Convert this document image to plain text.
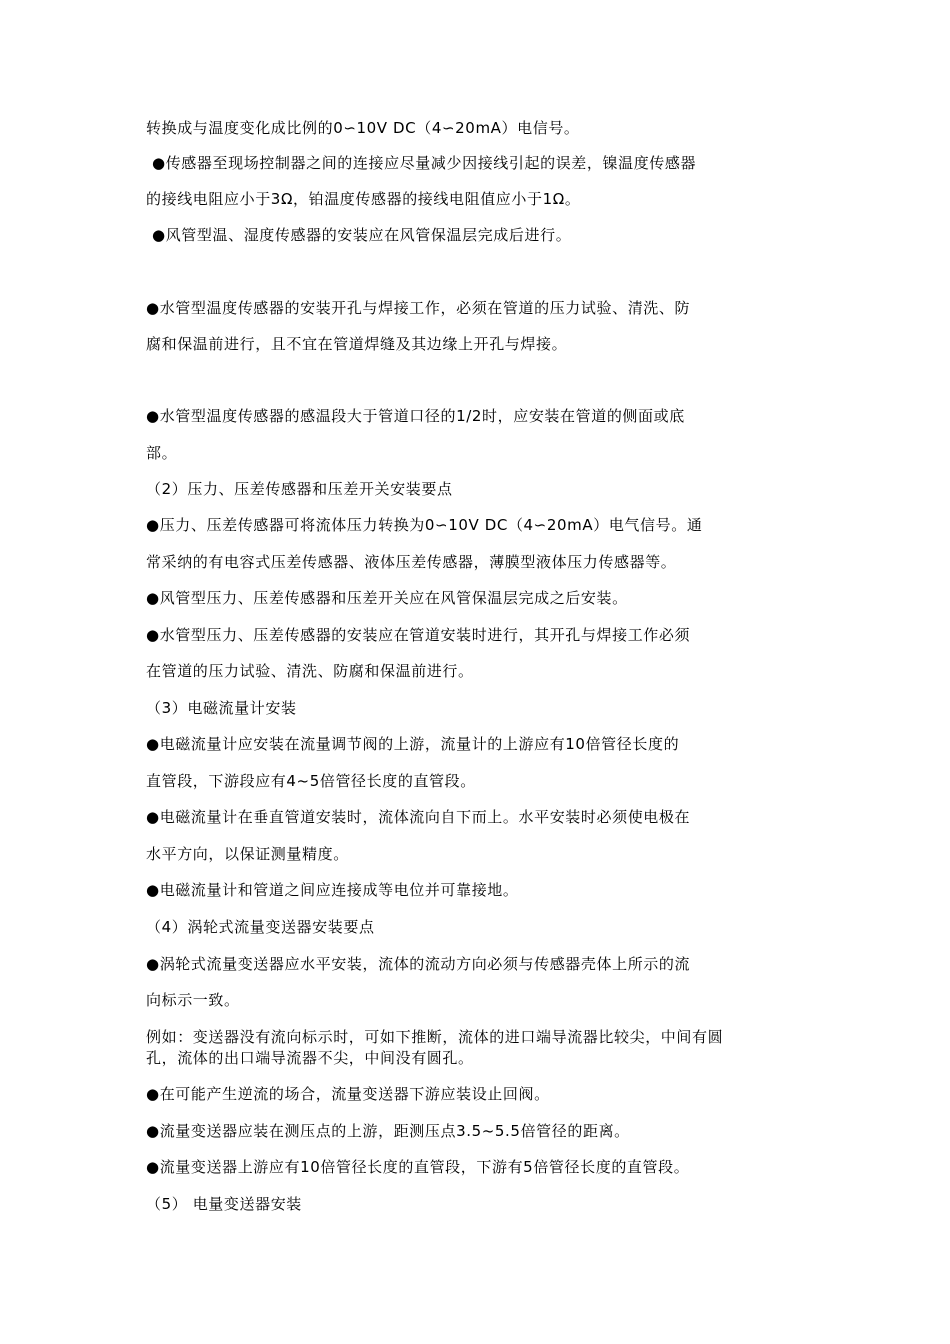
转换成与温度变化成比例的0∽10V DC（4∽20mA）电信号。

●传感器至现场控制器之间的连接应尽量减少因接线引起的误差，镍温度传感器

的接线电阻应小于3Ω，铂温度传感器的接线电阻值应小于1Ω。

●风管型温、湿度传感器的安装应在风管保温层完成后进行。

●水管型温度传感器的安装开孔与焊接工作，必须在管道的压力试验、清洗、防

腐和保温前进行，且不宜在管道焊缝及其边缘上开孔与焊接。

●水管型温度传感器的感温段大于管道口径的1/2时，应安装在管道的侧面或底

部。

（2）压力、压差传感器和压差开关安装要点

●压力、压差传感器可将流体压力转换为0∽10V DC（4∽20mA）电气信号。通

常采纳的有电容式压差传感器、液体压差传感器，薄膜型液体压力传感器等。

●风管型压力、压差传感器和压差开关应在风管保温层完成之后安装。

●水管型压力、压差传感器的安装应在管道安装时进行，其开孔与焊接工作必须

在管道的压力试验、清洗、防腐和保温前进行。

（3）电磁流量计安装

●电磁流量计应安装在流量调节阀的上游，流量计的上游应有10倍管径长度的

直管段，下游段应有4~5倍管径长度的直管段。

●电磁流量计在垂直管道安装时，流体流向自下而上。水平安装时必须使电极在

水平方向，以保证测量精度。

●电磁流量计和管道之间应连接成等电位并可靠接地。

（4）涡轮式流量变送器安装要点

●涡轮式流量变送器应水平安装，流体的流动方向必须与传感器壳体上所示的流

向标示一致。

例如：变送器没有流向标示时，可如下推断，流体的进口端导流器比较尖，中间有圆

孔，流体的出口端导流器不尖，中间没有圆孔。

●在可能产生逆流的场合，流量变送器下游应装设止回阀。

●流量变送器应装在测压点的上游，距测压点3.5~5.5倍管径的距离。

●流量变送器上游应有10倍管径长度的直管段，下游有5倍管径长度的直管段。

（5） 电量变送器安装
